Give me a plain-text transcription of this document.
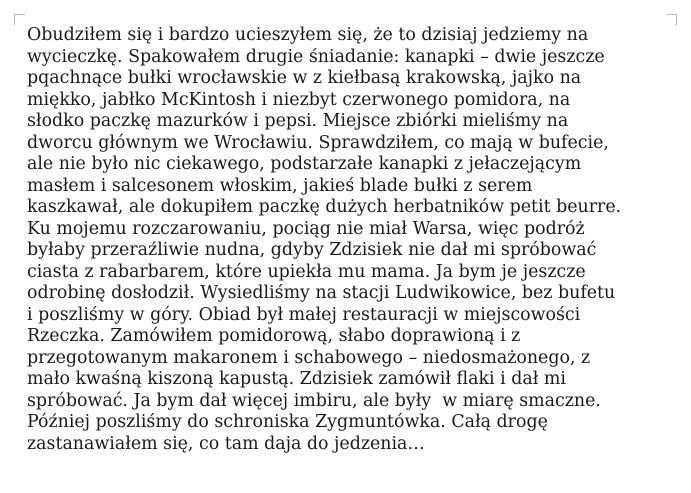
Obudziłem się i bardzo ucieszyłem się, że to dzisiaj jedziemy na
wycieczkę. Spakowałem drugie śniadanie: kanapki – dwie jeszcze
pqachnące bułki wrocławskie w z kiełbasą krakowską, jajko na
miękko, jabłko McKintosh i niezbyt czerwonego pomidora, na
słodko paczkę mazurków i pepsi. Miejsce zbiórki mieliśmy na
dworcu głównym we Wrocławiu. Sprawdziłem, co mają w bufecie,
ale nie było nic ciekawego, podstarzałe kanapki z jełaczejącym
masłem i salcesonem włoskim, jakieś blade bułki z serem
kaszkawał, ale dokupiłem paczkę dużych herbatników petit beurre.
Ku mojemu rozczarowaniu, pociąg nie miał Warsa, więc podróż
byłaby przeraźliwie nudna, gdyby Zdzisiek nie dał mi spróbować
ciasta z rabarbarem, które upiekła mu mama. Ja bym je jeszcze
odrobinę dosłodził. Wysiedliśmy na stacji Ludwikowice, bez bufetu
i poszliśmy w góry. Obiad był małej restauracji w miejscowości
Rzeczka. Zamówiłem pomidorową, słabo doprawioną i z
przegotowanym makaronem i schabowego – niedosmażonego, z
mało kwaśną kiszoną kapustą. Zdzisiek zamówił flaki i dał mi
spróbować. Ja bym dał więcej imbiru, ale były  w miarę smaczne.
Później poszliśmy do schroniska Zygmuntówka. Całą drogę
zastanawiałem się, co tam daja do jedzenia…
